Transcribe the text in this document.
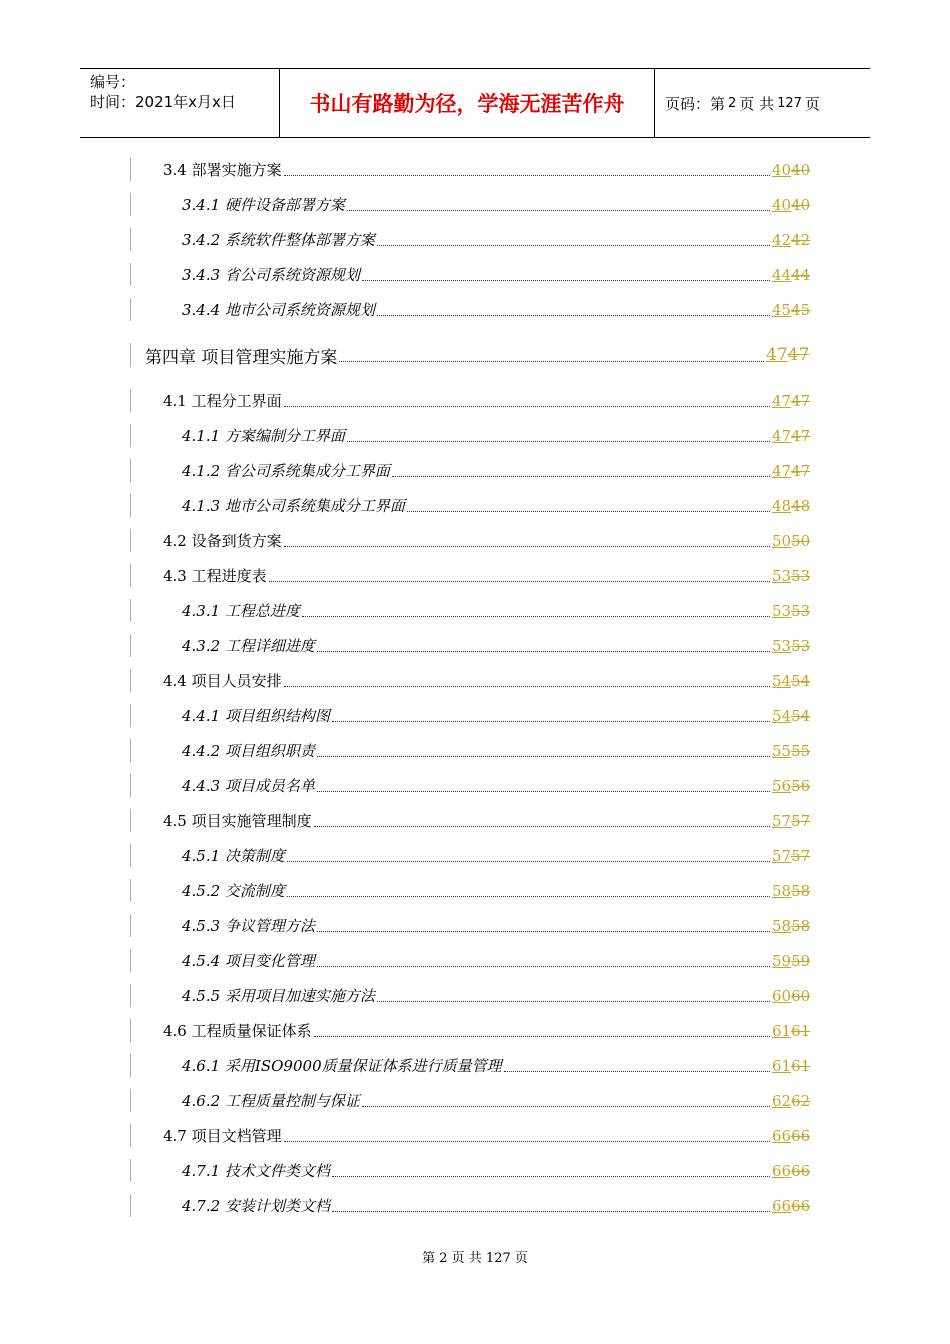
编号：
时间：2021年x月x日	书山有路勤为径，学海无涯苦作舟	页码：第 2 页 共 127 页
3.4 部署实施方案	4040
3.4.1 硬件设备部署方案	4040
3.4.2 系统软件整体部署方案	4242
3.4.3 省公司系统资源规划	4444
3.4.4 地市公司系统资源规划	4545
第四章 项目管理实施方案	4747
4.1 工程分工界面	4747
4.1.1 方案编制分工界面	4747
4.1.2 省公司系统集成分工界面	4747
4.1.3 地市公司系统集成分工界面	4848
4.2 设备到货方案	5050
4.3 工程进度表	5353
4.3.1 工程总进度	5353
4.3.2 工程详细进度	5353
4.4 项目人员安排	5454
4.4.1 项目组织结构图	5454
4.4.2 项目组织职责	5555
4.4.3 项目成员名单	5656
4.5 项目实施管理制度	5757
4.5.1 决策制度	5757
4.5.2 交流制度	5858
4.5.3 争议管理方法	5858
4.5.4 项目变化管理	5959
4.5.5 采用项目加速实施方法	6060
4.6 工程质量保证体系	6161
4.6.1 采用ISO9000质量保证体系进行质量管理	6161
4.6.2 工程质量控制与保证	6262
4.7 项目文档管理	6666
4.7.1 技术文件类文档	6666
4.7.2 安装计划类文档	6666
第 2 页 共 127 页
